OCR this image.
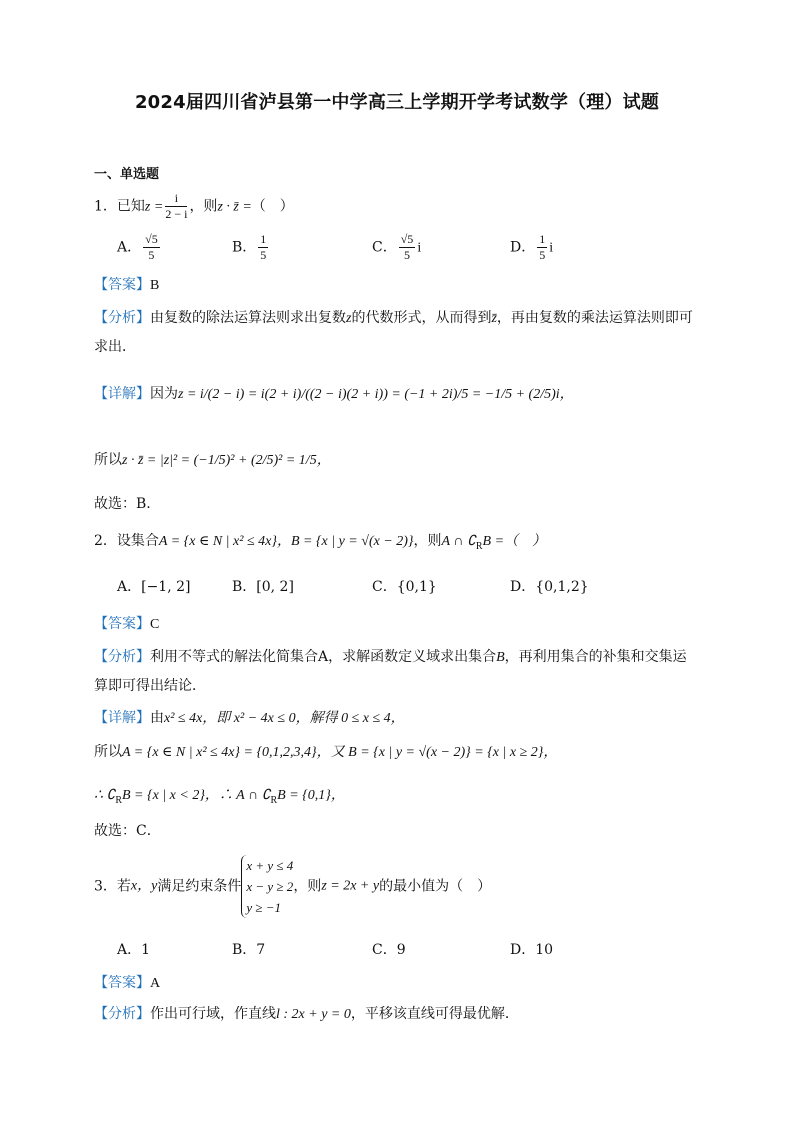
2024届四川省泸县第一中学高三上学期开学考试数学（理）试题
一、单选题
1．已知$z = \frac{i}{2 - i}$ ，则z · z̄ =（　）
A． $\frac{√5}{5}$	B． $\frac{1}{5}$	C． $\frac{√5}{5}$ i	D． $\frac{1}{5}$ i
【答案】B
【分析】由复数的除法运算法则求出复数z的代数形式，从而得到z̄，再由复数的乘法运算法则即可
求出．
【详解】因为z = i/(2 − i) = i(2 + i)/((2 − i)(2 + i)) = (−1 + 2i)/5 = −1/5 + (2/5)i，
所以z · z̄ = |z|² = (−1/5)² + (2/5)² = 1/5，
故选：B.
2．设集合A = {x ∈ N | x² ≤ 4x}，B = {x | y = √(x − 2)}，则A ∩ $∁_RB$ =（　）
A．[−1, 2]	B．[0, 2]	C．{0,1}	D．{0,1,2}
【答案】C
【分析】利用不等式的解法化简集合A，求解函数定义域求出集合B，再利用集合的补集和交集运
算即可得出结论．
【详解】由x² ≤ 4x，即 x² − 4x ≤ 0，解得 0 ≤ x ≤ 4，
所以A = {x ∈ N | x² ≤ 4x} = {0,1,2,3,4}，又 B = {x | y = √(x − 2)} = {x | x ≥ 2}，
∴ $∁_RB = \{x$ | x < 2}，∴ A ∩ $∁_RB = \{0,1\}$，
故选：C．
3．若x，y满足约束条件
x + y ≤ 4
x − y ≥ 2
y ≥ −1
，则z = 2x + y的最小值为（　）
A．1	B．7	C．9	D．10
【答案】A
【分析】作出可行域，作直线l : 2x + y = 0，平移该直线可得最优解．
